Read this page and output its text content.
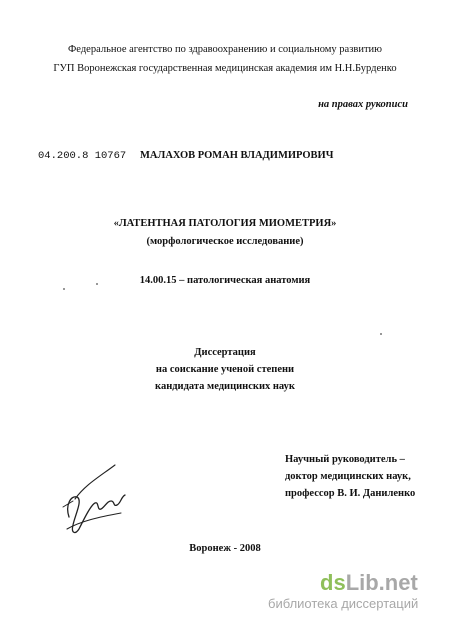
Федеральное агентство по здравоохранению и социальному развитию
ГУП Воронежская государственная медицинская академия им Н.Н.Бурденко
на правах рукописи
04.200.8 10767 МАЛАХОВ РОМАН ВЛАДИМИРОВИЧ
«ЛАТЕНТНАЯ ПАТОЛОГИЯ МИОМЕТРИЯ»
(морфологическое исследование)
14.00.15 – патологическая анатомия
Диссертация
на соискание ученой степени
кандидата медицинских наук
Научный руководитель –
доктор медицинских наук,
профессор В. И. Даниленко
Воронеж - 2008
dsLib.net
библиотека диссертаций
